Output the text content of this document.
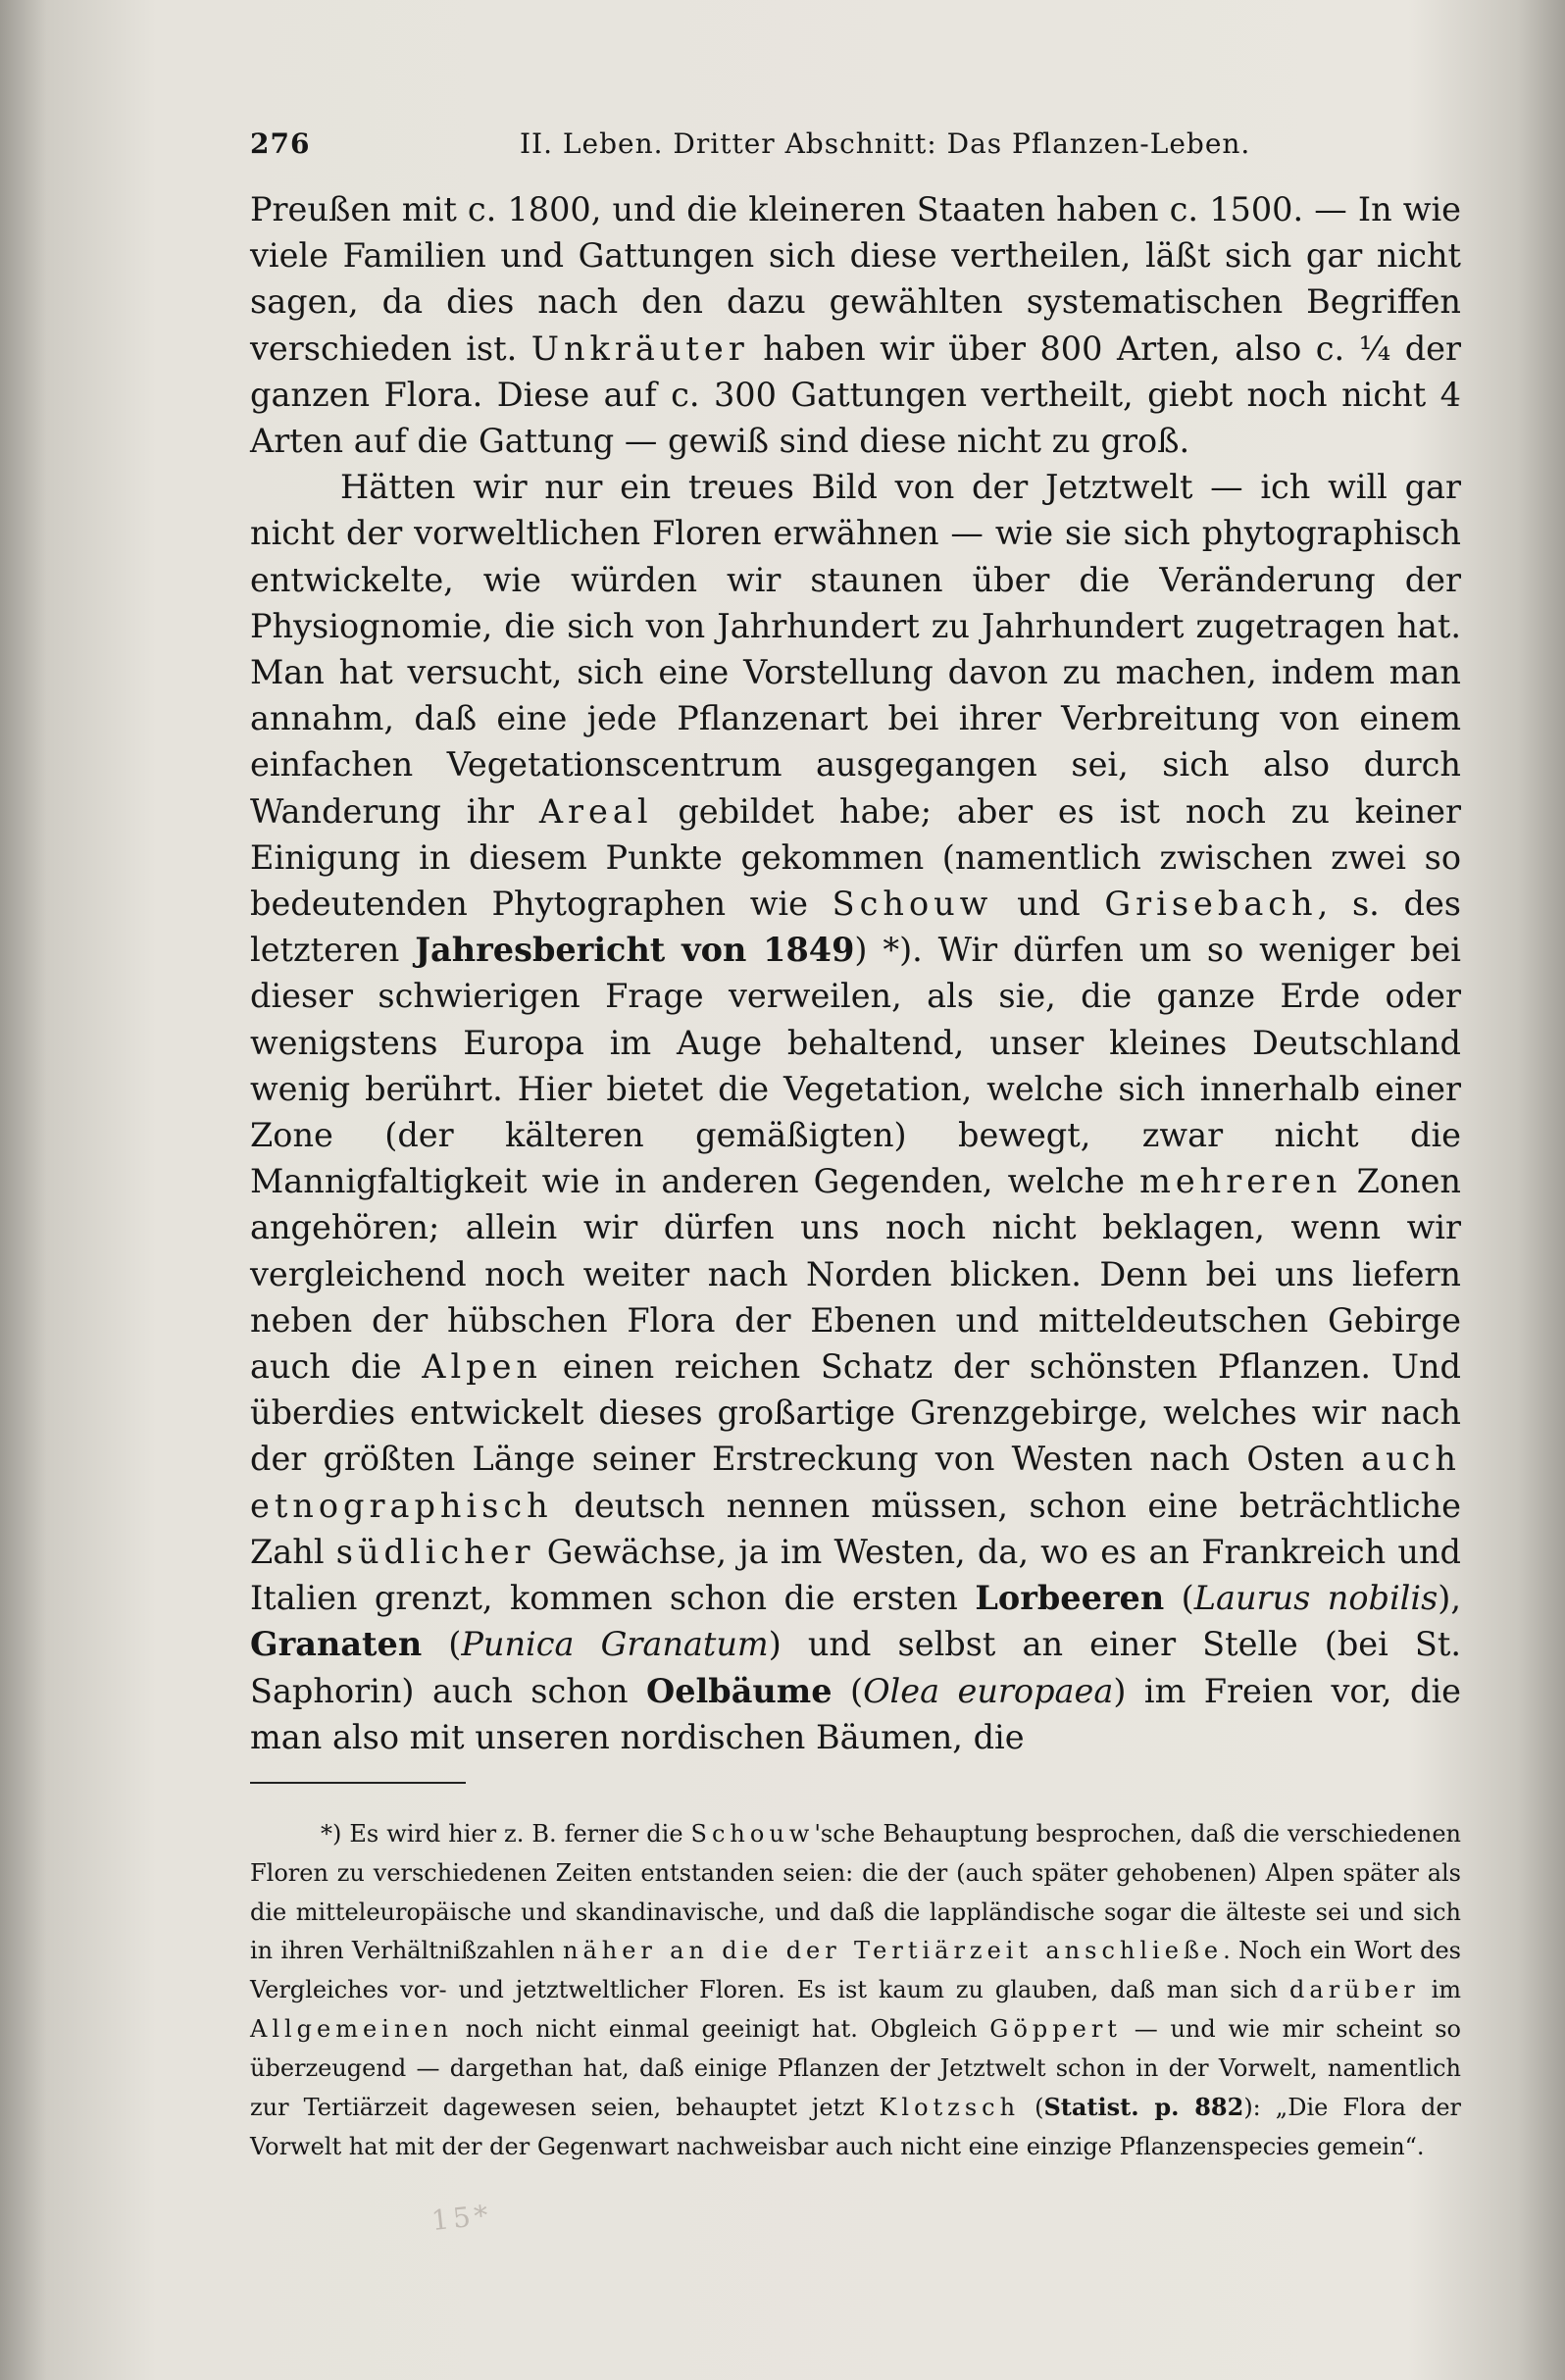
276	II. Leben. Dritter Abschnitt: Das Pflanzen-Leben.

Preußen mit c. 1800, und die kleineren Staaten haben c. 1500. — In wie viele Familien und Gattungen sich diese vertheilen, läßt sich gar nicht sagen, da dies nach den dazu gewählten systematischen Begriffen verschieden ist. Unkräuter haben wir über 800 Arten, also c. ¼ der ganzen Flora. Diese auf c. 300 Gattungen vertheilt, giebt noch nicht 4 Arten auf die Gattung — gewiß sind diese nicht zu groß.

Hätten wir nur ein treues Bild von der Jetztwelt — ich will gar nicht der vorweltlichen Floren erwähnen — wie sie sich phytographisch entwickelte, wie würden wir staunen über die Veränderung der Physiognomie, die sich von Jahrhundert zu Jahrhundert zugetragen hat. Man hat versucht, sich eine Vorstellung davon zu machen, indem man annahm, daß eine jede Pflanzenart bei ihrer Verbreitung von einem einfachen Vegetationscentrum ausgegangen sei, sich also durch Wanderung ihr Areal gebildet habe; aber es ist noch zu keiner Einigung in diesem Punkte gekommen (namentlich zwischen zwei so bedeutenden Phytographen wie Schouw und Grisebach, s. des letzteren Jahresbericht von 1849) *). Wir dürfen um so weniger bei dieser schwierigen Frage verweilen, als sie, die ganze Erde oder wenigstens Europa im Auge behaltend, unser kleines Deutschland wenig berührt. Hier bietet die Vegetation, welche sich innerhalb einer Zone (der kälteren gemäßigten) bewegt, zwar nicht die Mannigfaltigkeit wie in anderen Gegenden, welche mehreren Zonen angehören; allein wir dürfen uns noch nicht beklagen, wenn wir vergleichend noch weiter nach Norden blicken. Denn bei uns liefern neben der hübschen Flora der Ebenen und mitteldeutschen Gebirge auch die Alpen einen reichen Schatz der schönsten Pflanzen. Und überdies entwickelt dieses großartige Grenzgebirge, welches wir nach der größten Länge seiner Erstreckung von Westen nach Osten auch etnographisch deutsch nennen müssen, schon eine beträchtliche Zahl südlicher Gewächse, ja im Westen, da, wo es an Frankreich und Italien grenzt, kommen schon die ersten Lorbeeren (Laurus nobilis), Granaten (Punica Granatum) und selbst an einer Stelle (bei St. Saphorin) auch schon Oelbäume (Olea europaea) im Freien vor, die man also mit unseren nordischen Bäumen, die

*) Es wird hier z. B. ferner die Schouw'sche Behauptung besprochen, daß die verschiedenen Floren zu verschiedenen Zeiten entstanden seien: die der (auch später gehobenen) Alpen später als die mitteleuropäische und skandinavische, und daß die lappländische sogar die älteste sei und sich in ihren Verhältnißzahlen näher an die der Tertiärzeit anschließe. Noch ein Wort des Vergleiches vor- und jetztweltlicher Floren. Es ist kaum zu glauben, daß man sich darüber im Allgemeinen noch nicht einmal geeinigt hat. Obgleich Göppert — und wie mir scheint so überzeugend — dargethan hat, daß einige Pflanzen der Jetztwelt schon in der Vorwelt, namentlich zur Tertiärzeit dagewesen seien, behauptet jetzt Klotzsch (Statist. p. 882): „Die Flora der Vorwelt hat mit der der Gegenwart nachweisbar auch nicht eine einzige Pflanzenspecies gemein“.

15*
